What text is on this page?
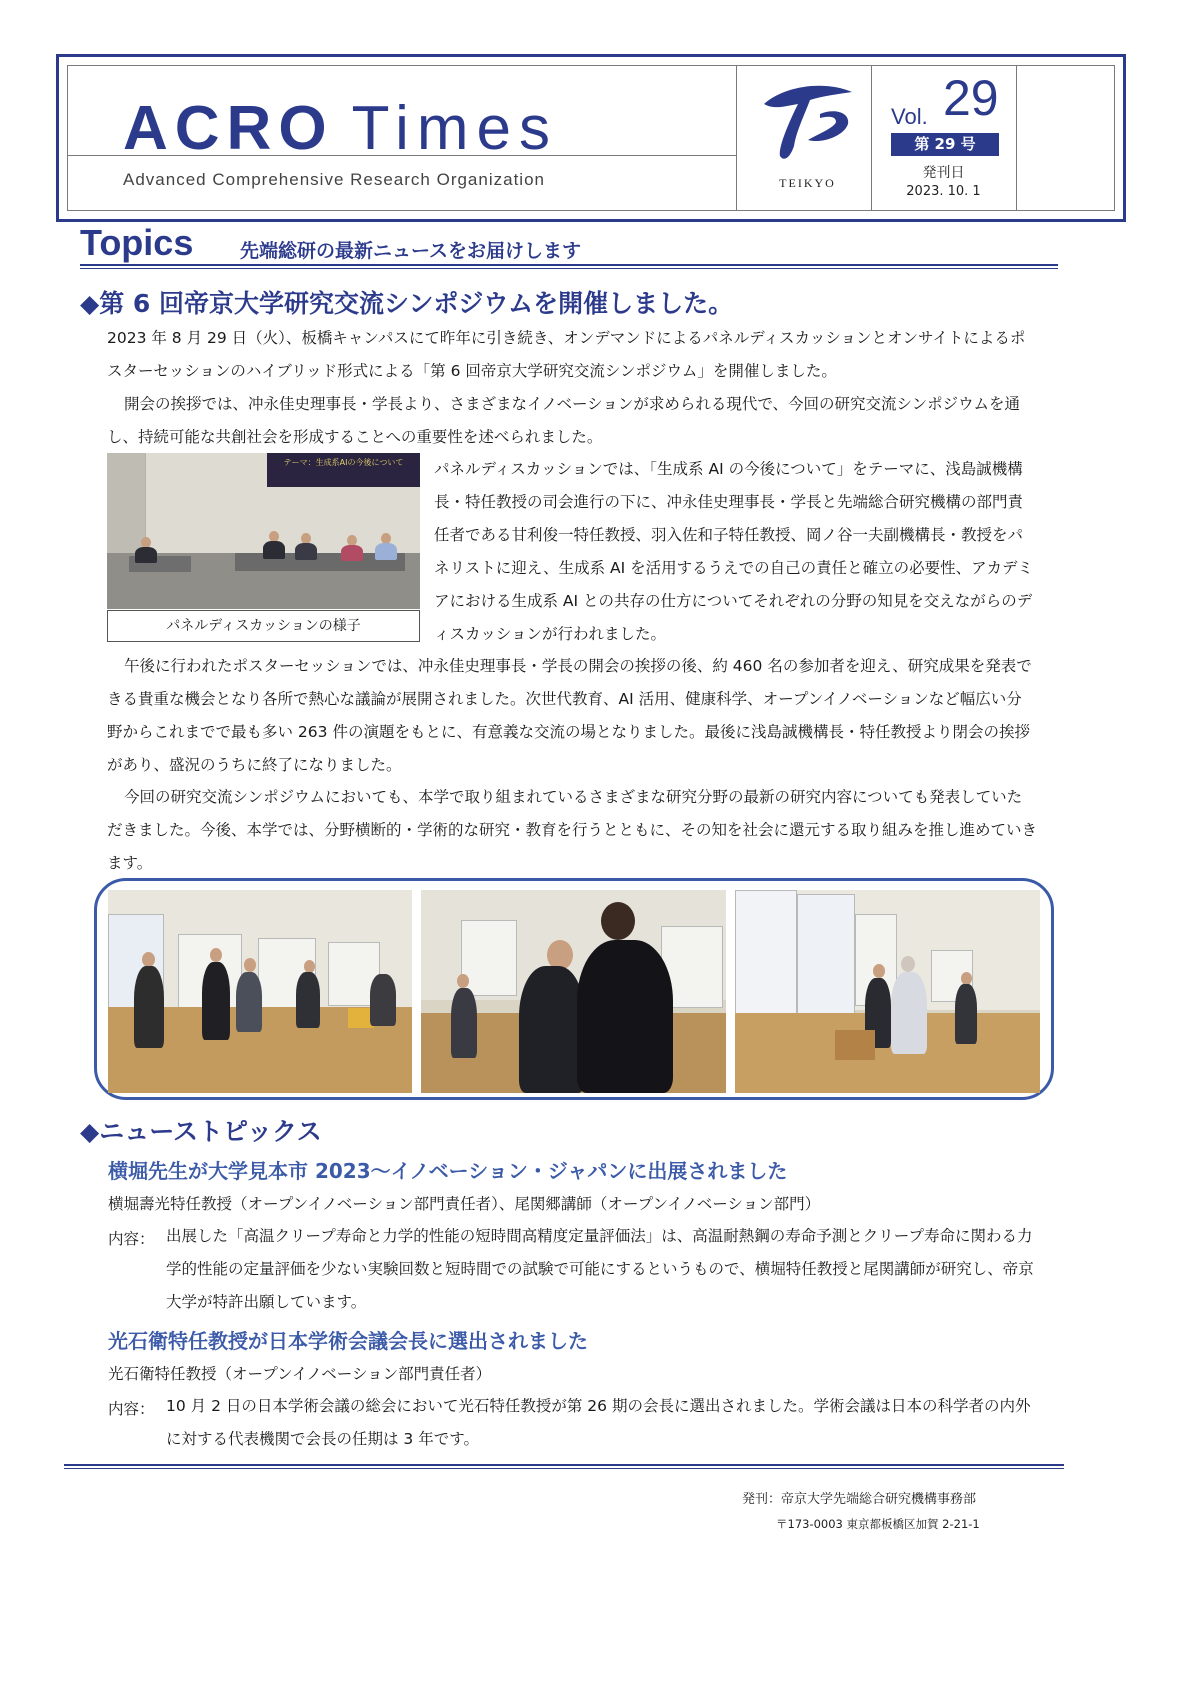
ACRO Times
Advanced Comprehensive Research Organization	TEIKYO
Vol. 29
第 29 号
発刊日
2023. 10. 1
Topics 先端総研の最新ニュースをお届けします
◆第 6 回帝京大学研究交流シンポジウムを開催しました。
2023 年 8 月 29 日（火）、板橋キャンパスにて昨年に引き続き、オンデマンドによるパネルディスカッションとオンサイトによるポスターセッションのハイブリッド形式による「第 6 回帝京大学研究交流シンポジウム」を開催しました。
開会の挨拶では、冲永佳史理事長・学長より、さまざまなイノベーションが求められる現代で、今回の研究交流シンポジウムを通し、持続可能な共創社会を形成することへの重要性を述べられました。
テーマ：生成系AIの今後について
パネルディスカッションの様子
パネルディスカッションでは、「生成系 AI の今後について」をテーマに、浅島誠機構長・特任教授の司会進行の下に、冲永佳史理事長・学長と先端総合研究機構の部門責任者である甘利俊一特任教授、羽入佐和子特任教授、岡ノ谷一夫副機構長・教授をパネリストに迎え、生成系 AI を活用するうえでの自己の責任と確立の必要性、アカデミアにおける生成系 AI との共存の仕方についてそれぞれの分野の知見を交えながらのディスカッションが行われました。
午後に行われたポスターセッションでは、冲永佳史理事長・学長の開会の挨拶の後、約 460 名の参加者を迎え、研究成果を発表できる貴重な機会となり各所で熱心な議論が展開されました。次世代教育、AI 活用、健康科学、オープンイノベーションなど幅広い分野からこれまでで最も多い 263 件の演題をもとに、有意義な交流の場となりました。最後に浅島誠機構長・特任教授より閉会の挨拶があり、盛況のうちに終了になりました。
今回の研究交流シンポジウムにおいても、本学で取り組まれているさまざまな研究分野の最新の研究内容についても発表していただきました。今後、本学では、分野横断的・学術的な研究・教育を行うとともに、その知を社会に還元する取り組みを推し進めていきます。
◆ニューストピックス
横堀先生が大学見本市 2023～イノベーション・ジャパンに出展されました
横堀壽光特任教授（オープンイノベーション部門責任者）、尾関郷講師（オープンイノベーション部門）
内容： 出展した「高温クリープ寿命と力学的性能の短時間高精度定量評価法」は、高温耐熱鋼の寿命予測とクリープ寿命に関わる力学的性能の定量評価を少ない実験回数と短時間での試験で可能にするというもので、横堀特任教授と尾関講師が研究し、帝京大学が特許出願しています。
光石衛特任教授が日本学術会議会長に選出されました
光石衛特任教授（オープンイノベーション部門責任者）
内容： 10 月 2 日の日本学術会議の総会において光石特任教授が第 26 期の会長に選出されました。学術会議は日本の科学者の内外に対する代表機関で会長の任期は 3 年です。
発刊：帝京大学先端総合研究機構事務部
〒173-0003 東京都板橋区加賀 2-21-1
